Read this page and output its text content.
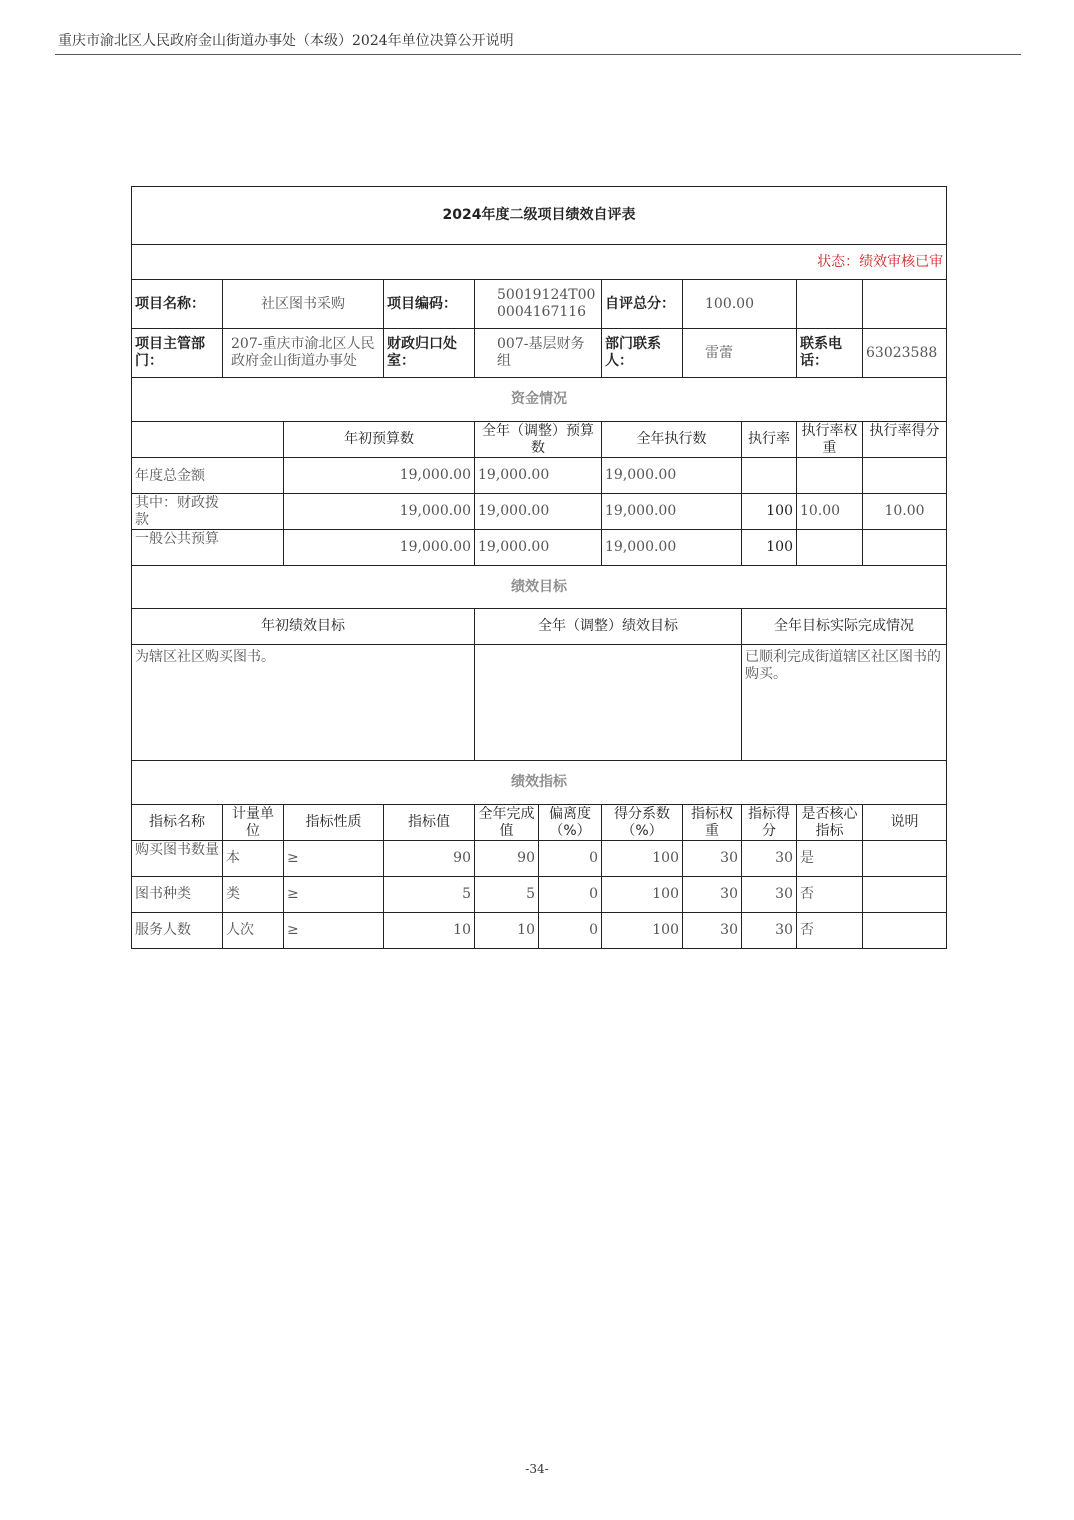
重庆市渝北区人民政府金山街道办事处（本级）2024年单位决算公开说明
2024年度二级项目绩效自评表										
状态：绩效审核已审										
项目名称：	社区图书采购		项目编码：	50019124T000004167116		自评总分：	100.00			
项目主管部门：	207-重庆市渝北区人民政府金山街道办事处		财政归口处室：	007-基层财务组		部门联系人：	雷蕾		联系电话：	63023588
资金情况										
		年初预算数		全年（调整）预算数		全年执行数		执行率	执行率权重	执行率得分

年度总金额		19,000.00		19,000.00		19,000.00				

其中：财政拨款		19,000.00		19,000.00		19,000.00		100	10.00	10.00

一般公共预算		19,000.00		19,000.00		19,000.00		100		
绩效目标										
年初绩效目标				全年（调整）绩效目标				全年目标实际完成情况		
为辖区社区购买图书。								已顺利完成街道辖区社区图书的购买。		
绩效指标										
指标名称	计量单位	指标性质	指标值	全年完成值	偏离度（%）	得分系数（%）	指标权重	指标得分	是否核心指标	说明

购买图书数量	本	≥	90	90	0	100	30	30	是	
图书种类	类	≥	5	5	0	100	30	30	否	
服务人数	人次	≥	10	10	0	100	30	30	否	
-34-
